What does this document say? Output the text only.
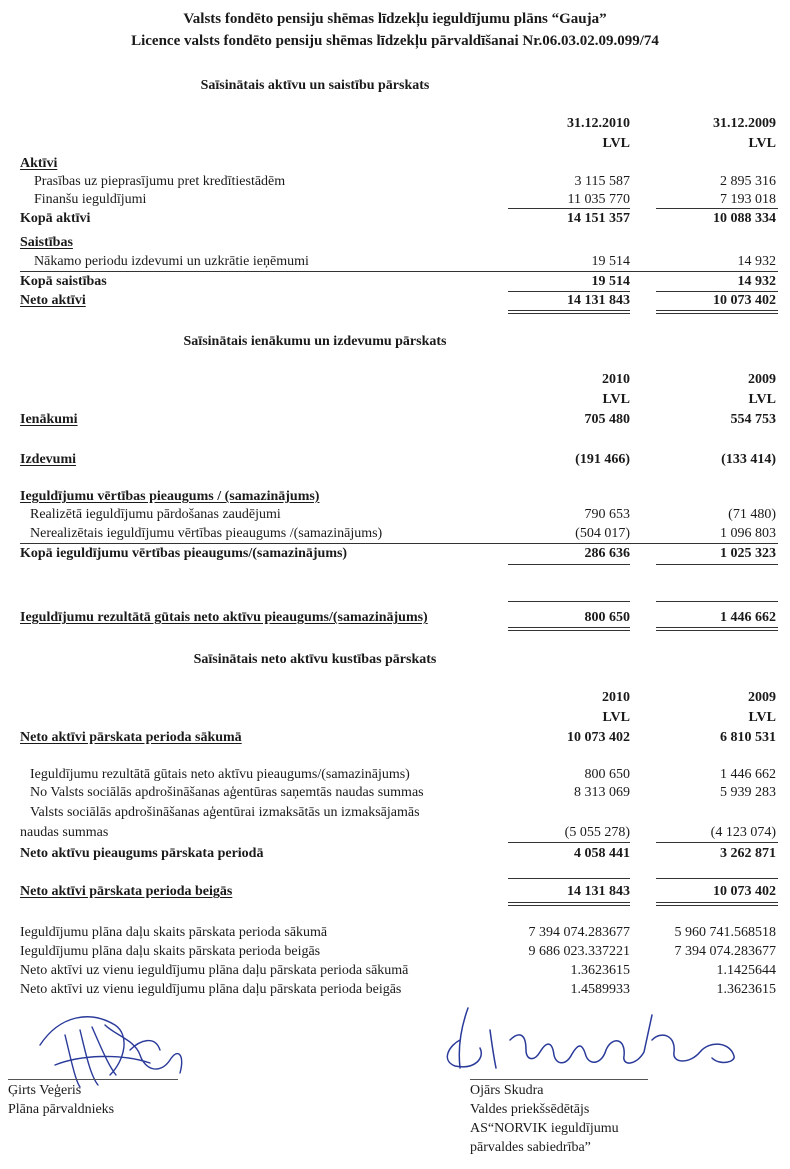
Valsts fondēto pensiju shēmas līdzekļu ieguldījumu plāns “Gauja”
Licence valsts fondēto pensiju shēmas līdzekļu pārvaldīšanai Nr.06.03.02.09.099/74
Saīsinātais aktīvu un saistību pārskats
31.12.2010	31.12.2009
LVL	LVL
Aktīvi
Prasības uz pieprasījumu pret kredītiestādēm	3 115 587	2 895 316
Finanšu ieguldījumi	11 035 770	7 193 018
Kopā aktīvi	14 151 357	10 088 334
Saistības
Nākamo periodu izdevumi un uzkrātie ieņēmumi	19 514	14 932
Kopā saistības	19 514	14 932
Neto aktīvi	14 131 843	10 073 402
Saīsinātais ienākumu un izdevumu pārskats
2010	2009
LVL	LVL
Ienākumi	705 480	554 753
Izdevumi	(191 466)	(133 414)
Ieguldījumu vērtības pieaugums / (samazinājums)
Realizētā ieguldījumu pārdošanas zaudējumi	790 653	(71 480)
Nerealizētais ieguldījumu vērtības pieaugums /(samazinājums)	(504 017)	1 096 803
Kopā ieguldījumu vērtības pieaugums/(samazinājums)	286 636	1 025 323
Ieguldījumu rezultātā gūtais neto aktīvu pieaugums/(samazinājums)	800 650	1 446 662
Saīsinātais neto aktīvu kustības pārskats
2010	2009
LVL	LVL
Neto aktīvi pārskata perioda sākumā	10 073 402	6 810 531
Ieguldījumu rezultātā gūtais neto aktīvu pieaugums/(samazinājums)	800 650	1 446 662
No Valsts sociālās apdrošināšanas aģentūras saņemtās naudas summas	8 313 069	5 939 283
Valsts sociālās apdrošināšanas aģentūrai izmaksātās un izmaksājamās
naudas summas	(5 055 278)	(4 123 074)
Neto aktīvu pieaugums pārskata periodā	4 058 441	3 262 871
Neto aktīvi pārskata perioda beigās	14 131 843	10 073 402
Ieguldījumu plāna daļu skaits pārskata perioda sākumā	7 394 074.283677	5 960 741.568518
Ieguldījumu plāna daļu skaits pārskata perioda beigās	9 686 023.337221	7 394 074.283677
Neto aktīvi uz vienu ieguldījumu plāna daļu pārskata perioda sākumā	1.3623615	1.1425644
Neto aktīvi uz vienu ieguldījumu plāna daļu pārskata perioda beigās	1.4589933	1.3623615
Ģirts Veģeris
Plāna pārvaldnieks
Ojārs Skudra
Valdes priekšsēdētājs
AS“NORVIK ieguldījumu
pārvaldes sabiedrība”
